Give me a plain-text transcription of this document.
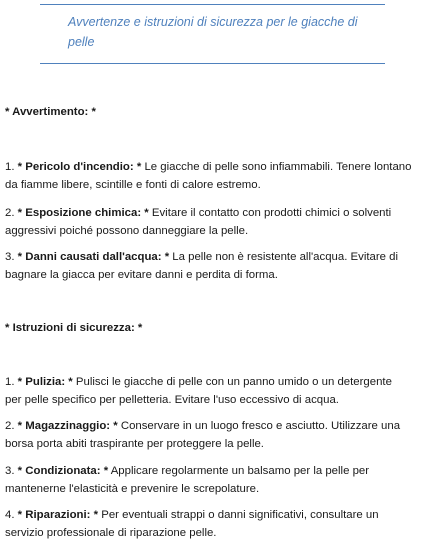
Avvertenze e istruzioni di sicurezza per le giacche di
pelle
* Avvertimento: *
1. * Pericolo d'incendio: * Le giacche di pelle sono infiammabili. Tenere lontano
da fiamme libere, scintille e fonti di calore estremo.
2. * Esposizione chimica: * Evitare il contatto con prodotti chimici o solventi
aggressivi poiché possono danneggiare la pelle.
3. * Danni causati dall'acqua: * La pelle non è resistente all'acqua. Evitare di
bagnare la giacca per evitare danni e perdita di forma.
* Istruzioni di sicurezza: *
1. * Pulizia: * Pulisci le giacche di pelle con un panno umido o un detergente
per pelle specifico per pelletteria. Evitare l'uso eccessivo di acqua.
2. * Magazzinaggio: * Conservare in un luogo fresco e asciutto. Utilizzare una
borsa porta abiti traspirante per proteggere la pelle.
3. * Condizionata: * Applicare regolarmente un balsamo per la pelle per
mantenerne l'elasticità e prevenire le screpolature.
4. * Riparazioni: * Per eventuali strappi o danni significativi, consultare un
servizio professionale di riparazione pelle.
